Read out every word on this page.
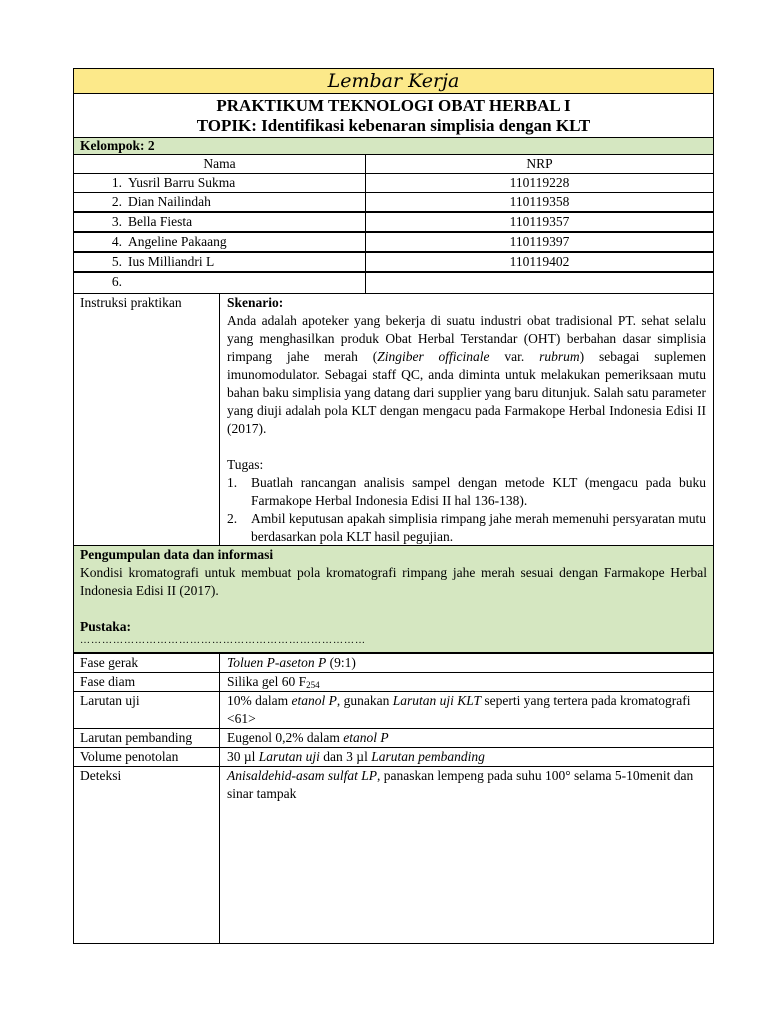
Lembar Kerja
PRAKTIKUM TEKNOLOGI OBAT HERBAL I
TOPIK: Identifikasi kebenaran simplisia dengan KLT
Kelompok: 2
Nama	NRP
1. Yusril Barru Sukma	110119228
2. Dian Nailindah	110119358
3. Bella Fiesta	110119357
4. Angeline Pakaang	110119397
5. Ius Milliandri L	110119402
6.
Instruksi praktikan	Skenario:
Anda adalah apoteker yang bekerja di suatu industri obat tradisional PT. sehat selalu yang menghasilkan produk Obat Herbal Terstandar (OHT) berbahan dasar simplisia rimpang jahe merah (Zingiber officinale var. rubrum) sebagai suplemen imunomodulator. Sebagai staff QC, anda diminta untuk melakukan pemeriksaan mutu bahan baku simplisia yang datang dari supplier yang baru ditunjuk. Salah satu parameter yang diuji adalah pola KLT dengan mengacu pada Farmakope Herbal Indonesia Edisi II (2017).
Tugas:
1. Buatlah rancangan analisis sampel dengan metode KLT (mengacu pada buku Farmakope Herbal Indonesia Edisi II hal 136-138).
2. Ambil keputusan apakah simplisia rimpang jahe merah memenuhi persyaratan mutu berdasarkan pola KLT hasil pegujian.
Pengumpulan data dan informasi
Kondisi kromatografi untuk membuat pola kromatografi rimpang jahe merah sesuai dengan Farmakope Herbal Indonesia Edisi II (2017).
Pustaka:
……………………………………………………………………
Fase gerak	Toluen P-aseton P (9:1)
Fase diam	Silika gel 60 $F_{254}$
Larutan uji	10% dalam etanol P, gunakan Larutan uji KLT seperti yang tertera pada kromatografi <61>
Larutan pembanding	Eugenol 0,2% dalam etanol P
Volume penotolan	30 µl Larutan uji dan 3 µl Larutan pembanding
Deteksi	Anisaldehid-asam sulfat LP, panaskan lempeng pada suhu 100° selama 5-10menit dan sinar tampak
